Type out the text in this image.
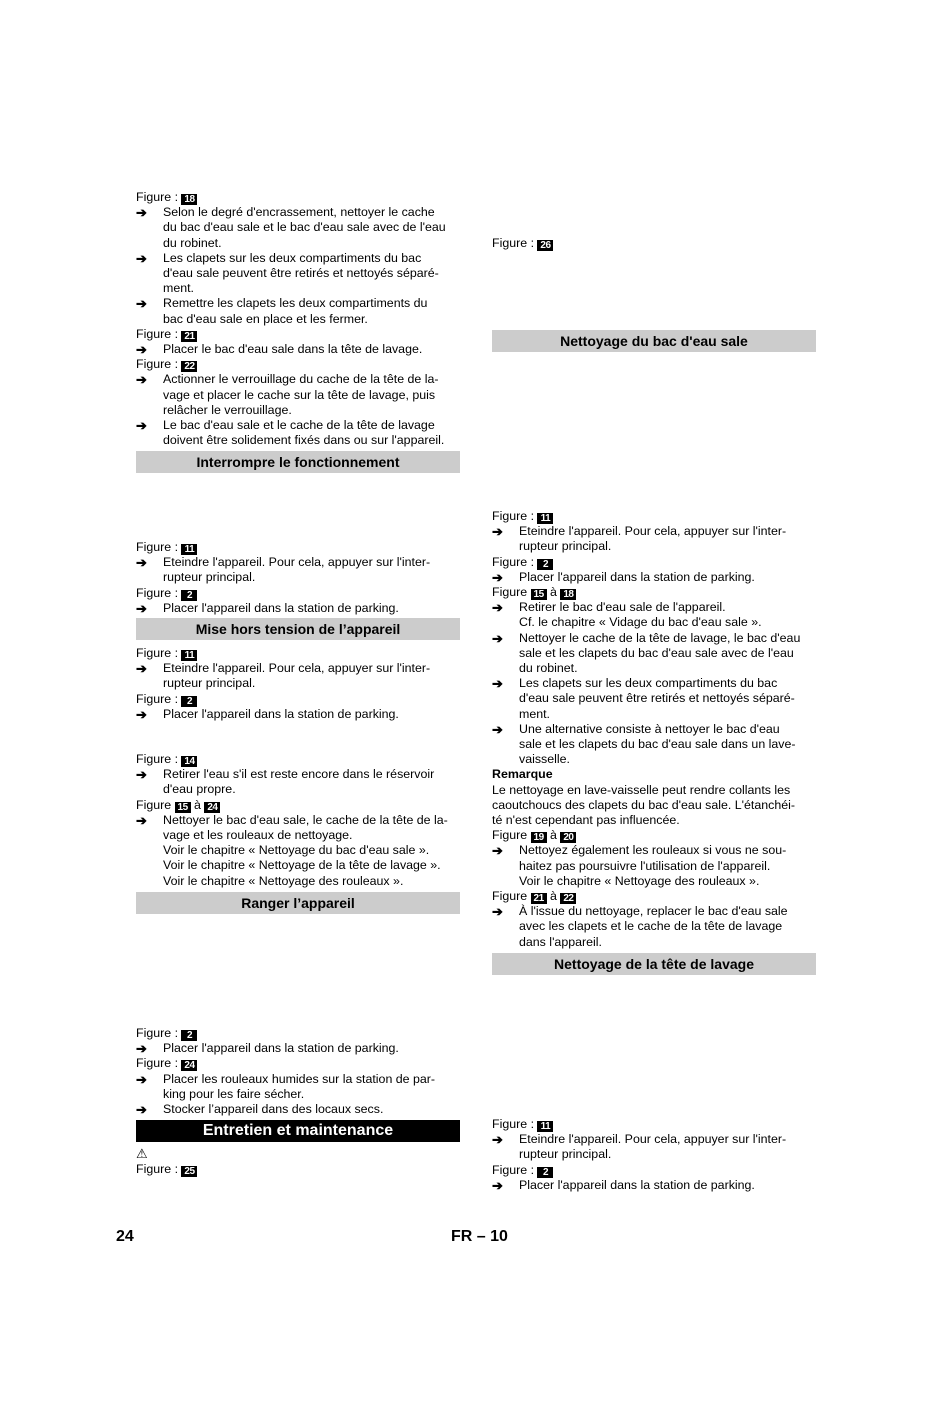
Figure : 18
➔ Selon le degré d'encrassement, nettoyer le cache
du bac d'eau sale et le bac d'eau sale avec de l'eau
du robinet.
➔ Les clapets sur les deux compartiments du bac
d'eau sale peuvent être retirés et nettoyés séparé-
ment.
➔ Remettre les clapets les deux compartiments du
bac d'eau sale en place et les fermer.
Figure : 21
➔ Placer le bac d'eau sale dans la tête de lavage.
Figure : 22
➔ Actionner le verrouillage du cache de la tête de la-
vage et placer le cache sur la tête de lavage, puis
relâcher le verrouillage.
➔ Le bac d'eau sale et le cache de la tête de lavage
doivent être solidement fixés dans ou sur l'appareil.
Interrompre le fonctionnement
Figure : 11
➔ Eteindre l'appareil. Pour cela, appuyer sur l'inter-
rupteur principal.
Figure : 2
➔ Placer l'appareil dans la station de parking.
Mise hors tension de l’appareil
Figure : 11
➔ Eteindre l'appareil. Pour cela, appuyer sur l'inter-
rupteur principal.
Figure : 2
➔ Placer l'appareil dans la station de parking.
Figure : 14
➔ Retirer l'eau s'il est reste encore dans le réservoir
d'eau propre.
Figure 15 à 24
➔ Nettoyer le bac d'eau sale, le cache de la tête de la-
vage et les rouleaux de nettoyage.
Voir le chapitre « Nettoyage du bac d'eau sale ».
Voir le chapitre « Nettoyage de la tête de lavage ».
Voir le chapitre « Nettoyage des rouleaux ».
Ranger l’appareil
Figure : 2
➔ Placer l'appareil dans la station de parking.
Figure : 24
➔ Placer les rouleaux humides sur la station de par-
king pour les faire sécher.
➔ Stocker l’appareil dans des locaux secs.
Entretien et maintenance
⚠
Figure : 25
Figure : 26
Nettoyage du bac d'eau sale
Figure : 11
➔ Eteindre l'appareil. Pour cela, appuyer sur l'inter-
rupteur principal.
Figure : 2
➔ Placer l'appareil dans la station de parking.
Figure 15 à 18
➔ Retirer le bac d'eau sale de l'appareil.
Cf. le chapitre « Vidage du bac d'eau sale ».
➔ Nettoyer le cache de la tête de lavage, le bac d'eau
sale et les clapets du bac d'eau sale avec de l'eau
du robinet.
➔ Les clapets sur les deux compartiments du bac
d'eau sale peuvent être retirés et nettoyés séparé-
ment.
➔ Une alternative consiste à nettoyer le bac d'eau
sale et les clapets du bac d'eau sale dans un lave-
vaisselle.
Remarque
Le nettoyage en lave-vaisselle peut rendre collants les
caoutchoucs des clapets du bac d'eau sale. L'étanchéi-
té n'est cependant pas influencée.
Figure 19 à 20
➔ Nettoyez également les rouleaux si vous ne sou-
haitez pas poursuivre l'utilisation de l'appareil.
Voir le chapitre « Nettoyage des rouleaux ».
Figure 21 à 22
➔ À l'issue du nettoyage, replacer le bac d'eau sale
avec les clapets et le cache de la tête de lavage
dans l'appareil.
Nettoyage de la tête de lavage
Figure : 11
➔ Eteindre l'appareil. Pour cela, appuyer sur l'inter-
rupteur principal.
Figure : 2
➔ Placer l'appareil dans la station de parking.
24	FR – 10
